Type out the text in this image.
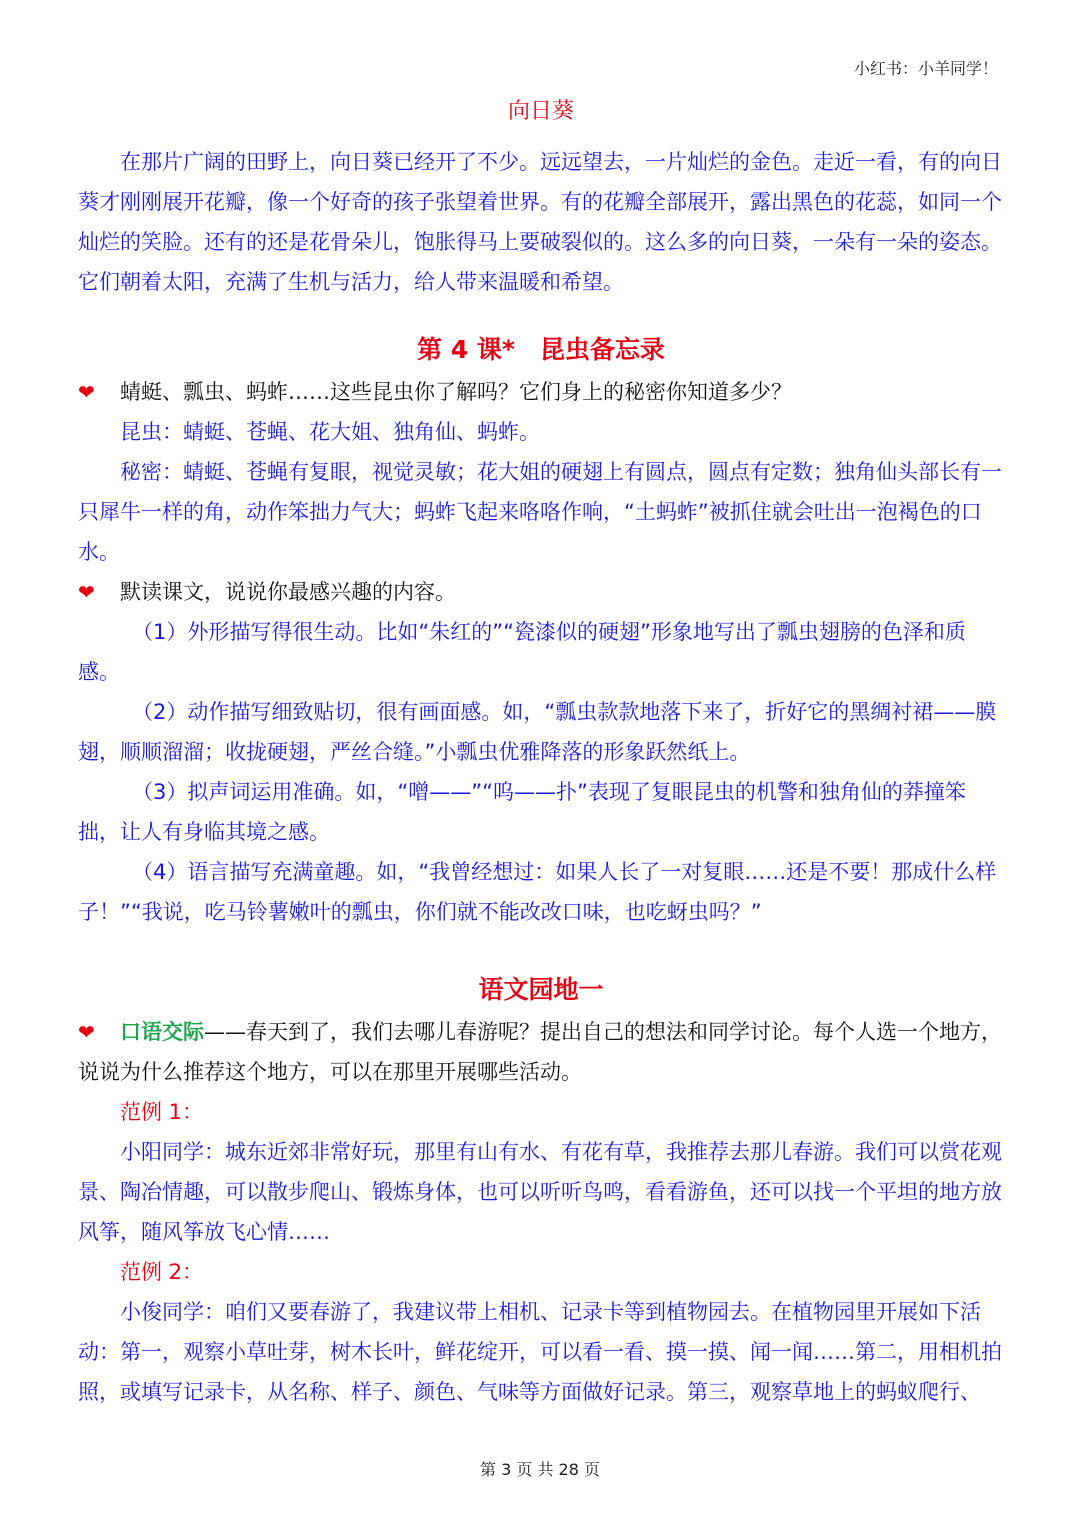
小红书：小羊同学！

向日葵

在那片广阔的田野上，向日葵已经开了不少。远远望去，一片灿烂的金色。走近一看，有的向日葵才刚刚展开花瓣，像一个好奇的孩子张望着世界。有的花瓣全部展开，露出黑色的花蕊，如同一个灿烂的笑脸。还有的还是花骨朵儿，饱胀得马上要破裂似的。这么多的向日葵，一朵有一朵的姿态。它们朝着太阳，充满了生机与活力，给人带来温暖和希望。

第 4 课*　昆虫备忘录

❤ 蜻蜓、瓢虫、蚂蚱……这些昆虫你了解吗？它们身上的秘密你知道多少？

昆虫：蜻蜓、苍蝇、花大姐、独角仙、蚂蚱。

秘密：蜻蜓、苍蝇有复眼，视觉灵敏；花大姐的硬翅上有圆点，圆点有定数；独角仙头部长有一只犀牛一样的角，动作笨拙力气大；蚂蚱飞起来咯咯作响，“土蚂蚱”被抓住就会吐出一泡褐色的口水。

❤ 默读课文，说说你最感兴趣的内容。

（1）外形描写得很生动。比如“朱红的”“瓷漆似的硬翅”形象地写出了瓢虫翅膀的色泽和质感。

（2）动作描写细致贴切，很有画面感。如，“瓢虫款款地落下来了，折好它的黑绸衬裙——膜翅，顺顺溜溜；收拢硬翅，严丝合缝。”小瓢虫优雅降落的形象跃然纸上。

（3）拟声词运用准确。如，“噌——”“呜——扑”表现了复眼昆虫的机警和独角仙的莽撞笨拙，让人有身临其境之感。

（4）语言描写充满童趣。如，“我曾经想过：如果人长了一对复眼……还是不要！那成什么样子！”“我说，吃马铃薯嫩叶的瓢虫，你们就不能改改口味，也吃蚜虫吗？”

语文园地一

❤ 口语交际——春天到了，我们去哪儿春游呢？提出自己的想法和同学讨论。每个人选一个地方，说说为什么推荐这个地方，可以在那里开展哪些活动。

范例 1：

小阳同学：城东近郊非常好玩，那里有山有水、有花有草，我推荐去那儿春游。我们可以赏花观景、陶冶情趣，可以散步爬山、锻炼身体，也可以听听鸟鸣，看看游鱼，还可以找一个平坦的地方放风筝，随风筝放飞心情……

范例 2：

小俊同学：咱们又要春游了，我建议带上相机、记录卡等到植物园去。在植物园里开展如下活动：第一，观察小草吐芽，树木长叶，鲜花绽开，可以看一看、摸一摸、闻一闻……第二，用相机拍照，或填写记录卡，从名称、样子、颜色、气味等方面做好记录。第三，观察草地上的蚂蚁爬行、

第 3 页 共 28 页
